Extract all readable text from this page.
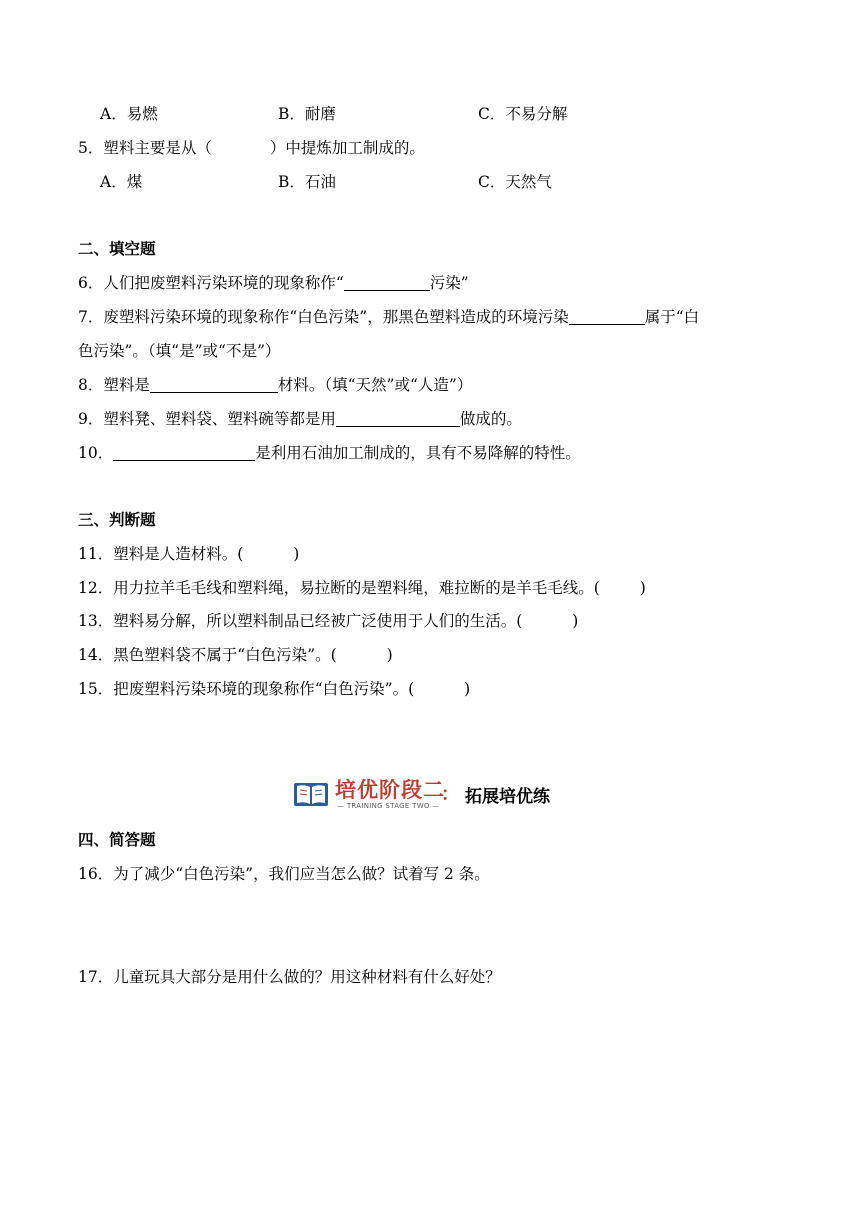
A．易燃	B．耐磨	C．不易分解
5．塑料主要是从（	）中提炼加工制成的。
A．煤	B．石油	C．天然气
二、填空题
6．人们把废塑料污染环境的现象称作“	污染”
7．废塑料污染环境的现象称作“白色污染”，那黑色塑料造成的环境污染	属于“白
色污染”。（填“是”或“不是”）
8．塑料是	材料。（填“天然”或“人造”）
9．塑料凳、塑料袋、塑料碗等都是用	做成的。
10．	是利用石油加工制成的，具有不易降解的特性。
三、判断题
11．塑料是人造材料。(	)
12．用力拉羊毛毛线和塑料绳，易拉断的是塑料绳，难拉断的是羊毛毛线。(	)
13．塑料易分解，所以塑料制品已经被广泛使用于人们的生活。(	)
14．黑色塑料袋不属于“白色污染”。(	)
15．把废塑料污染环境的现象称作“白色污染”。(	)
培优阶段二
— TRAINING STAGE TWO —
： 拓展培优练
四、简答题
16．为了减少“白色污染”，我们应当怎么做？试着写 2 条。
17．儿童玩具大部分是用什么做的？用这种材料有什么好处？
